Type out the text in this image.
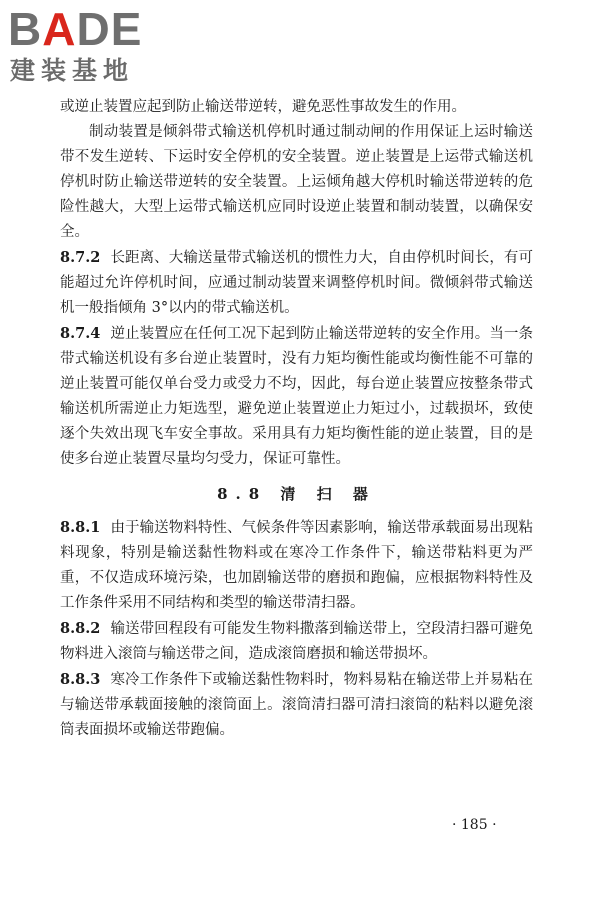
BADE
建装基地

或逆止装置应起到防止输送带逆转，避免恶性事故发生的作用。

制动装置是倾斜带式输送机停机时通过制动闸的作用保证上运时输送带不发生逆转、下运时安全停机的安全装置。逆止装置是上运带式输送机停机时防止输送带逆转的安全装置。上运倾角越大停机时输送带逆转的危险性越大，大型上运带式输送机应同时设逆止装置和制动装置，以确保安全。

8.7.2 长距离、大输送量带式输送机的惯性力大，自由停机时间长，有可能超过允许停机时间，应通过制动装置来调整停机时间。微倾斜带式输送机一般指倾角 3°以内的带式输送机。

8.7.4 逆止装置应在任何工况下起到防止输送带逆转的安全作用。当一条带式输送机设有多台逆止装置时，没有力矩均衡性能或均衡性能不可靠的逆止装置可能仅单台受力或受力不均，因此，每台逆止装置应按整条带式输送机所需逆止力矩选型，避免逆止装置逆止力矩过小，过载损坏，致使逐个失效出现飞车安全事故。采用具有力矩均衡性能的逆止装置，目的是使多台逆止装置尽量均匀受力，保证可靠性。

8.8 清 扫 器

8.8.1 由于输送物料特性、气候条件等因素影响，输送带承载面易出现粘料现象，特别是输送黏性物料或在寒冷工作条件下，输送带粘料更为严重，不仅造成环境污染，也加剧输送带的磨损和跑偏，应根据物料特性及工作条件采用不同结构和类型的输送带清扫器。

8.8.2 输送带回程段有可能发生物料撒落到输送带上，空段清扫器可避免物料进入滚筒与输送带之间，造成滚筒磨损和输送带损坏。

8.8.3 寒冷工作条件下或输送黏性物料时，物料易粘在输送带上并易粘在与输送带承载面接触的滚筒面上。滚筒清扫器可清扫滚筒的粘料以避免滚筒表面损坏或输送带跑偏。

· 185 ·
